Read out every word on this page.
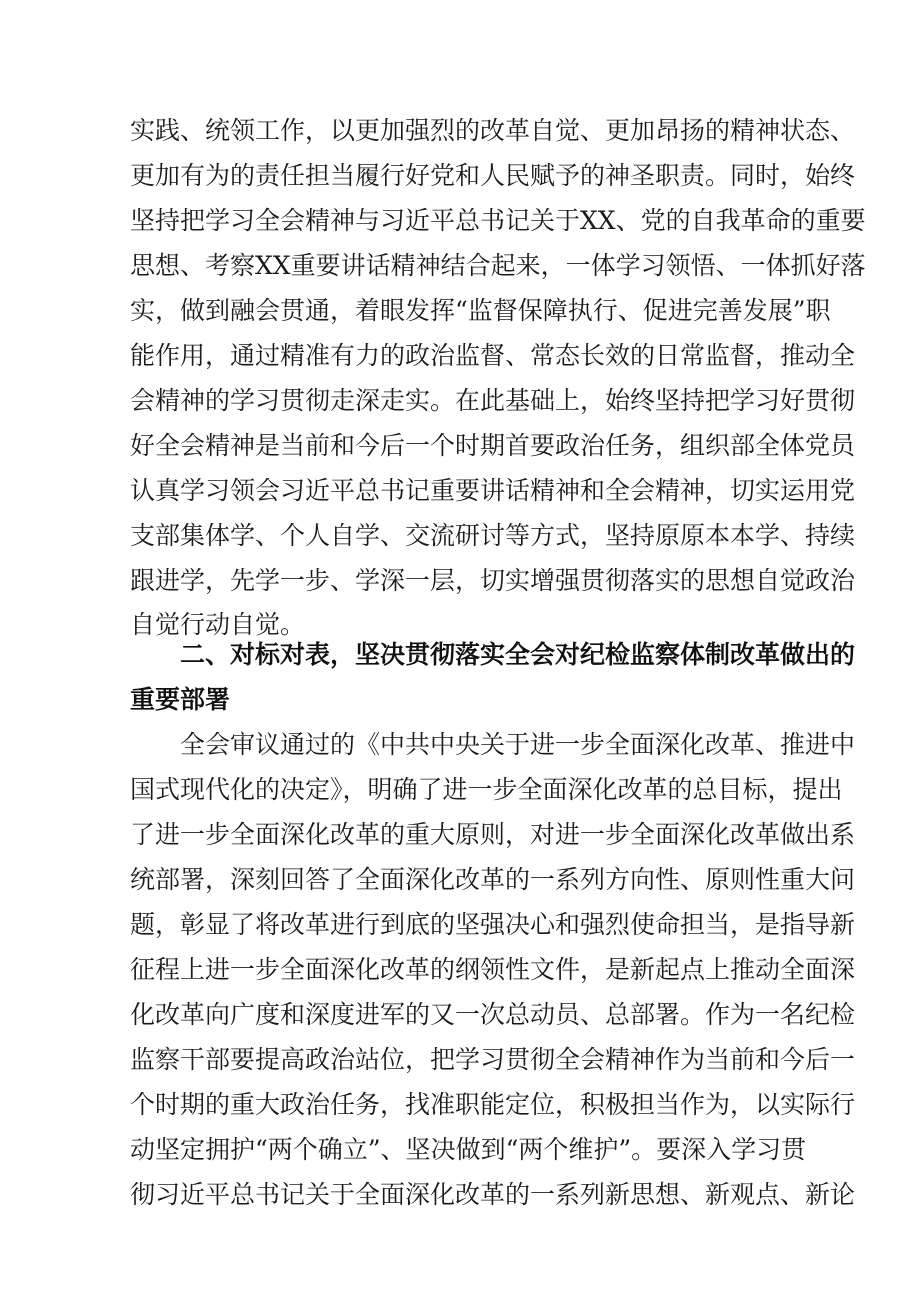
实践、统领工作，以更加强烈的改革自觉、更加昂扬的精神状态、
更加有为的责任担当履行好党和人民赋予的神圣职责。同时，始终
坚持把学习全会精神与习近平总书记关于XX、党的自我革命的重要
思想、考察XX重要讲话精神结合起来，一体学习领悟、一体抓好落
实，做到融会贯通，着眼发挥“监督保障执行、促进完善发展”职
能作用，通过精准有力的政治监督、常态长效的日常监督，推动全
会精神的学习贯彻走深走实。在此基础上，始终坚持把学习好贯彻
好全会精神是当前和今后一个时期首要政治任务，组织部全体党员
认真学习领会习近平总书记重要讲话精神和全会精神，切实运用党
支部集体学、个人自学、交流研讨等方式，坚持原原本本学、持续
跟进学，先学一步、学深一层，切实增强贯彻落实的思想自觉政治
自觉行动自觉。
二、对标对表，坚决贯彻落实全会对纪检监察体制改革做出的
重要部署
全会审议通过的《中共中央关于进一步全面深化改革、推进中
国式现代化的决定》，明确了进一步全面深化改革的总目标，提出
了进一步全面深化改革的重大原则，对进一步全面深化改革做出系
统部署，深刻回答了全面深化改革的一系列方向性、原则性重大问
题，彰显了将改革进行到底的坚强决心和强烈使命担当，是指导新
征程上进一步全面深化改革的纲领性文件，是新起点上推动全面深
化改革向广度和深度进军的又一次总动员、总部署。作为一名纪检
监察干部要提高政治站位，把学习贯彻全会精神作为当前和今后一
个时期的重大政治任务，找准职能定位，积极担当作为，以实际行
动坚定拥护“两个确立”、坚决做到“两个维护”。要深入学习贯
彻习近平总书记关于全面深化改革的一系列新思想、新观点、新论
